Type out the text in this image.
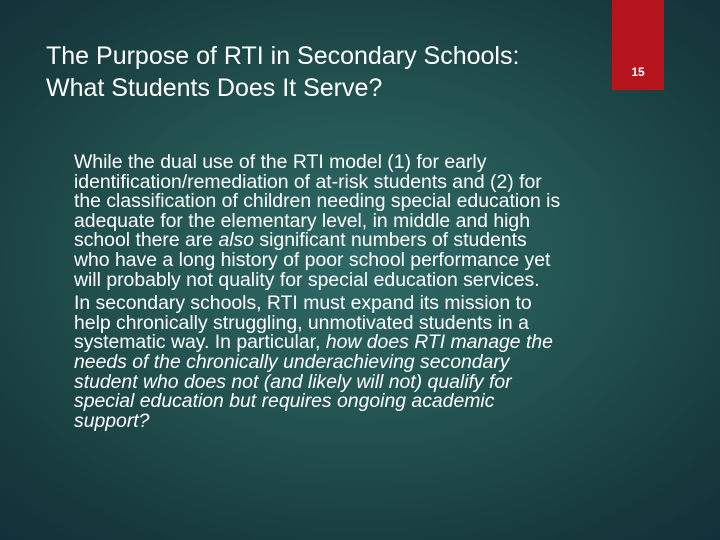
The Purpose of RTI in Secondary Schools:
What Students Does It Serve?
15
While the dual use of the RTI model (1) for early
identification/remediation of at-risk students and (2) for
the classification of children needing special education is
adequate for the elementary level, in middle and high
school there are also significant numbers of students
who have a long history of poor school performance yet
will probably not quality for special education services.
In secondary schools, RTI must expand its mission to
help chronically struggling, unmotivated students in a
systematic way. In particular, how does RTI manage the
needs of the chronically underachieving secondary
student who does not (and likely will not) qualify for
special education but requires ongoing academic
support?
